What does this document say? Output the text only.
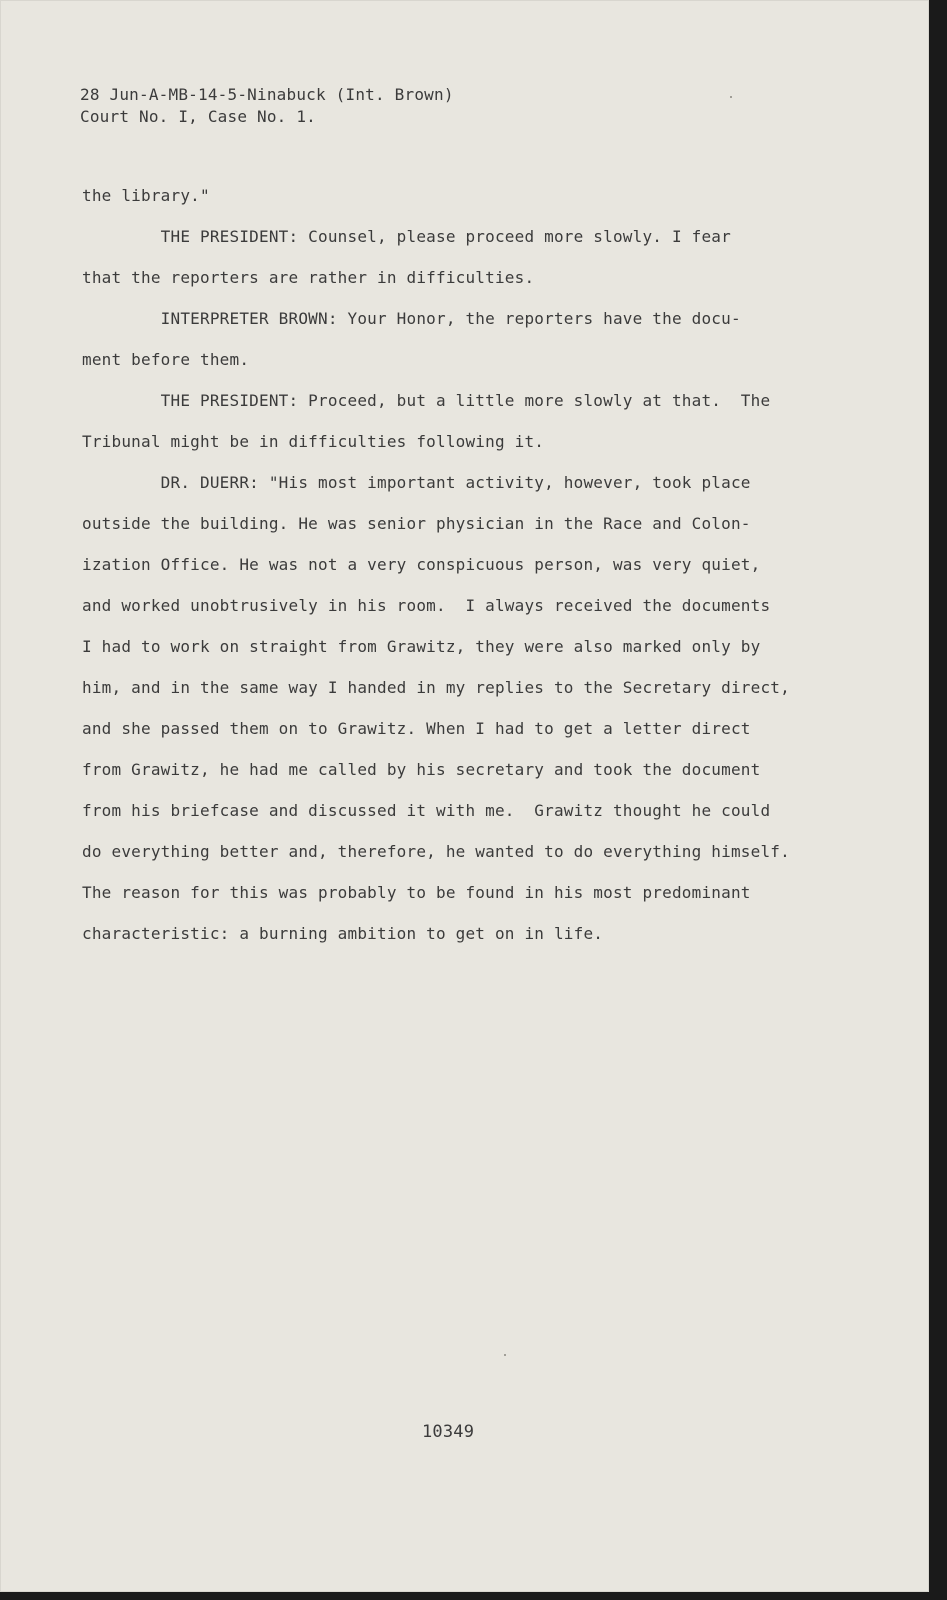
28 Jun-A-MB-14-5-Ninabuck (Int. Brown)
Court No. I, Case No. 1.
the library."
THE PRESIDENT: Counsel, please proceed more slowly. I fear
that the reporters are rather in difficulties.
INTERPRETER BROWN: Your Honor, the reporters have the docu-
ment before them.
THE PRESIDENT: Proceed, but a little more slowly at that.  The
Tribunal might be in difficulties following it.
DR. DUERR: "His most important activity, however, took place
outside the building. He was senior physician in the Race and Colon-
ization Office. He was not a very conspicuous person, was very quiet,
and worked unobtrusively in his room.  I always received the documents
I had to work on straight from Grawitz, they were also marked only by
him, and in the same way I handed in my replies to the Secretary direct,
and she passed them on to Grawitz. When I had to get a letter direct
from Grawitz, he had me called by his secretary and took the document
from his briefcase and discussed it with me.  Grawitz thought he could
do everything better and, therefore, he wanted to do everything himself.
The reason for this was probably to be found in his most predominant
characteristic: a burning ambition to get on in life.
10349
